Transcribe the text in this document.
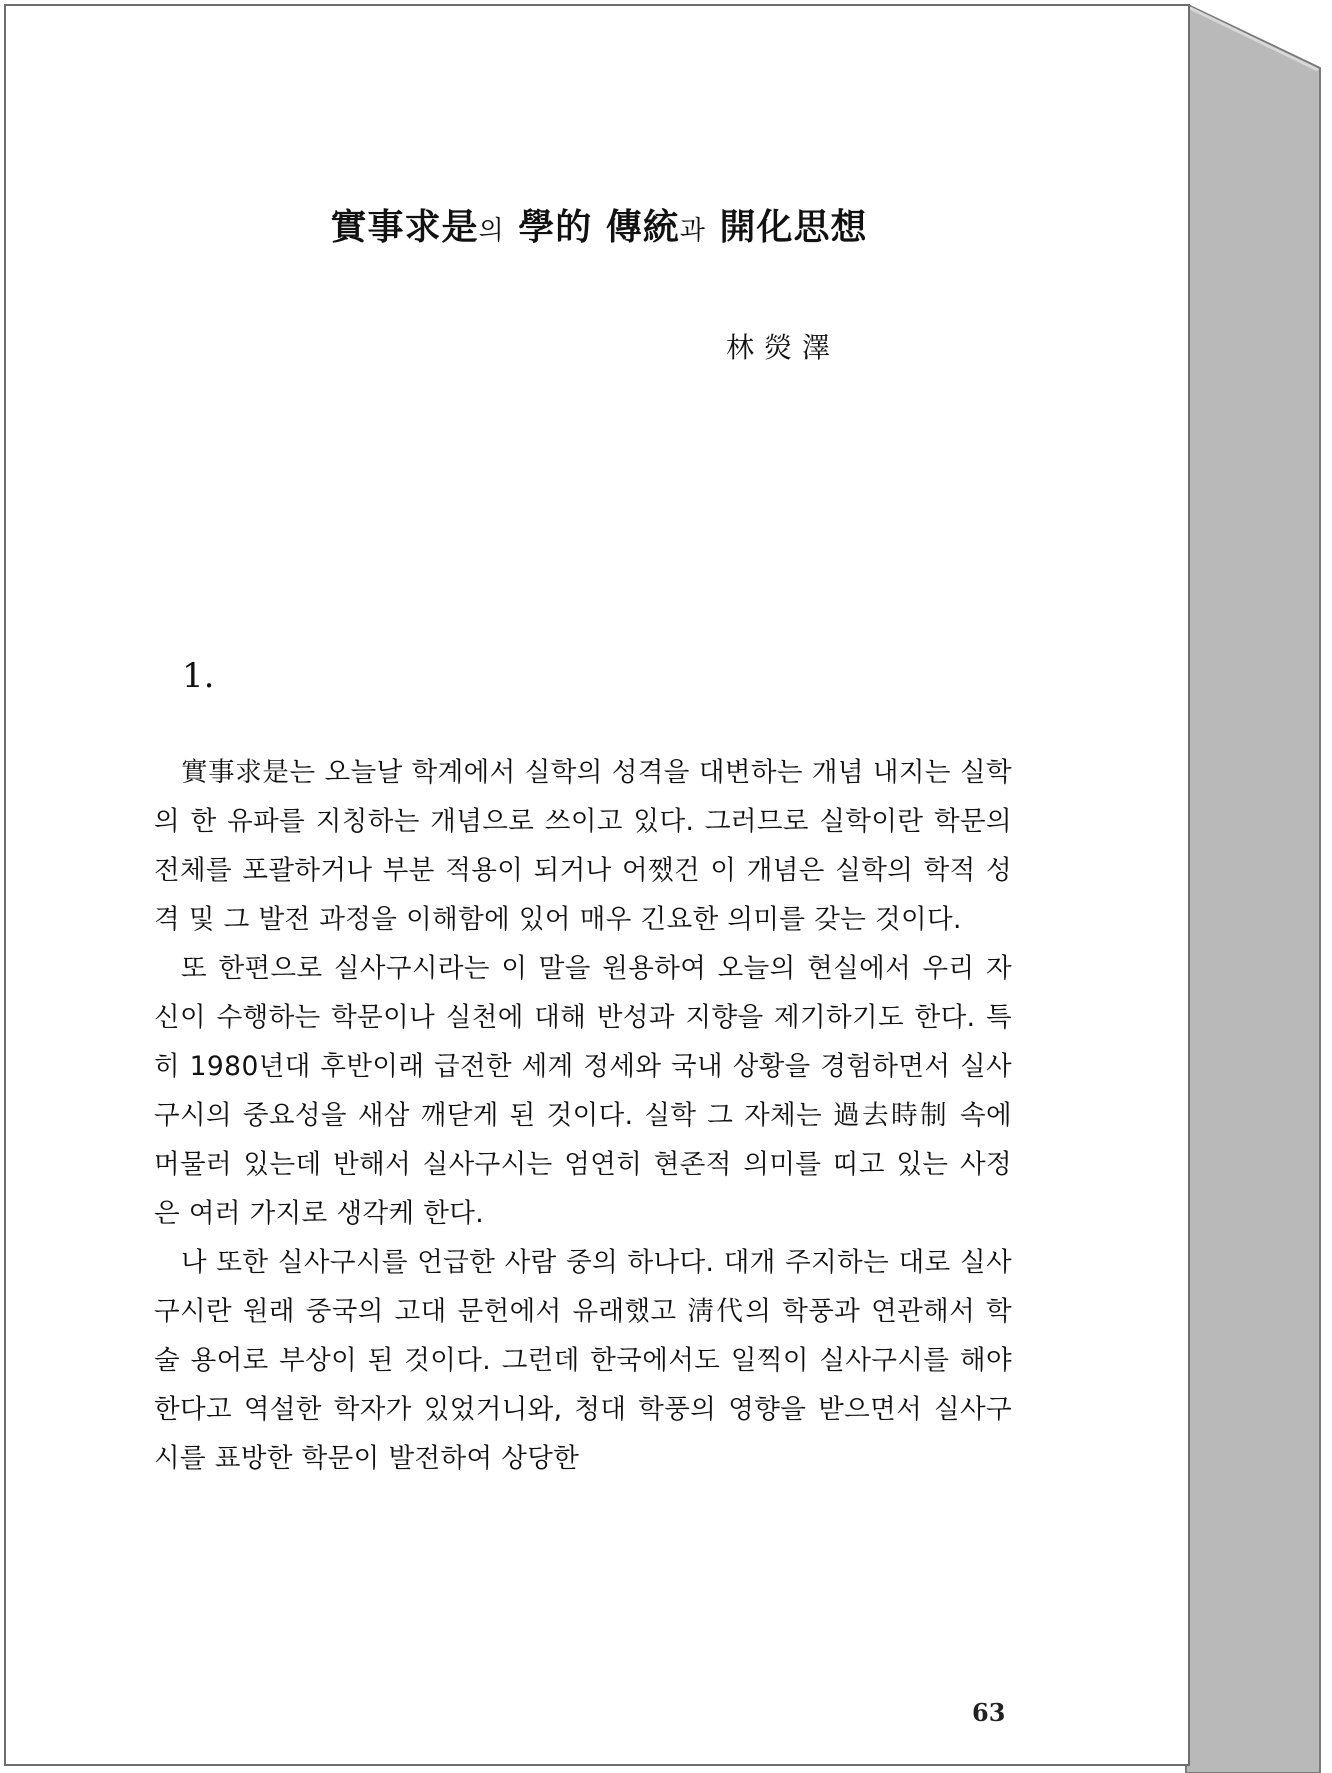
實事求是의 學的 傳統과 開化思想
林熒澤
1.

實事求是는 오늘날 학계에서 실학의 성격을 대변하는 개념 내지는 실학의 한 유파를 지칭하는 개념으로 쓰이고 있다. 그러므로 실학이란 학문의 전체를 포괄하거나 부분 적용이 되거나 어쨌건 이 개념은 실학의 학적 성격 및 그 발전 과정을 이해함에 있어 매우 긴요한 의미를 갖는 것이다.

또 한편으로 실사구시라는 이 말을 원용하여 오늘의 현실에서 우리 자신이 수행하는 학문이나 실천에 대해 반성과 지향을 제기하기도 한다. 특히 1980년대 후반이래 급전한 세계 정세와 국내 상황을 경험하면서 실사구시의 중요성을 새삼 깨닫게 된 것이다. 실학 그 자체는 過去時制 속에 머물러 있는데 반해서 실사구시는 엄연히 현존적 의미를 띠고 있는 사정은 여러 가지로 생각케 한다.

나 또한 실사구시를 언급한 사람 중의 하나다. 대개 주지하는 대로 실사구시란 원래 중국의 고대 문헌에서 유래했고 淸代의 학풍과 연관해서 학술 용어로 부상이 된 것이다. 그런데 한국에서도 일찍이 실사구시를 해야 한다고 역설한 학자가 있었거니와, 청대 학풍의 영향을 받으면서 실사구시를 표방한 학문이 발전하여 상당한

63
